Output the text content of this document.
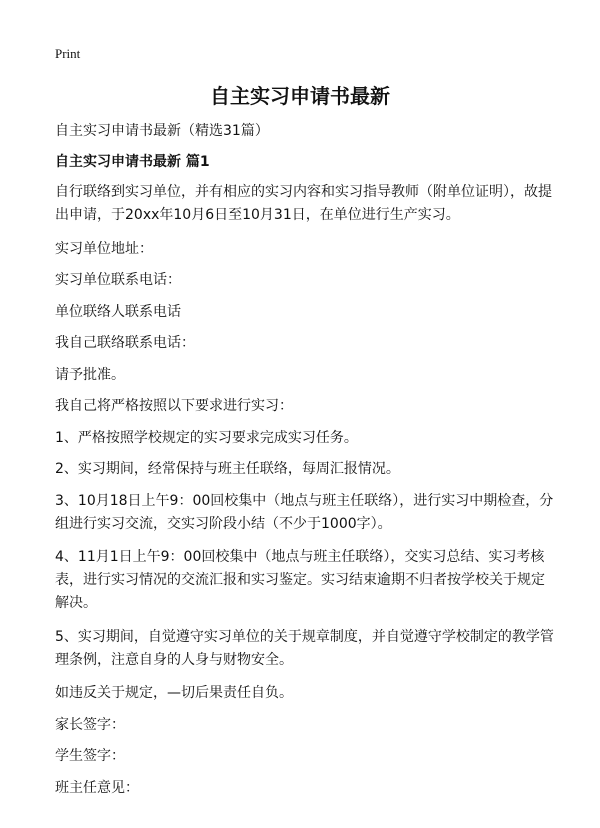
Print
自主实习申请书最新
自主实习申请书最新（精选31篇）
自主实习申请书最新 篇1

自行联络到实习单位，并有相应的实习内容和实习指导教师（附单位证明），故提出申请，于20xx年10月6日至10月31日，在单位进行生产实习。

实习单位地址：

实习单位联系电话：

单位联络人联系电话

我自己联络联系电话：

请予批准。

我自己将严格按照以下要求进行实习：

1、严格按照学校规定的实习要求完成实习任务。

2、实习期间，经常保持与班主任联络，每周汇报情况。

3、10月18日上午9：00回校集中（地点与班主任联络），进行实习中期检查，分组进行实习交流，交实习阶段小结（不少于1000字）。

4、11月1日上午9：00回校集中（地点与班主任联络），交实习总结、实习考核表，进行实习情况的交流汇报和实习鉴定。实习结束逾期不归者按学校关于规定解决。

5、实习期间，自觉遵守实习单位的关于规章制度，并自觉遵守学校制定的教学管理条例，注意自身的人身与财物安全。

如违反关于规定，—切后果责任自负。

家长签字：

学生签字：

班主任意见：
